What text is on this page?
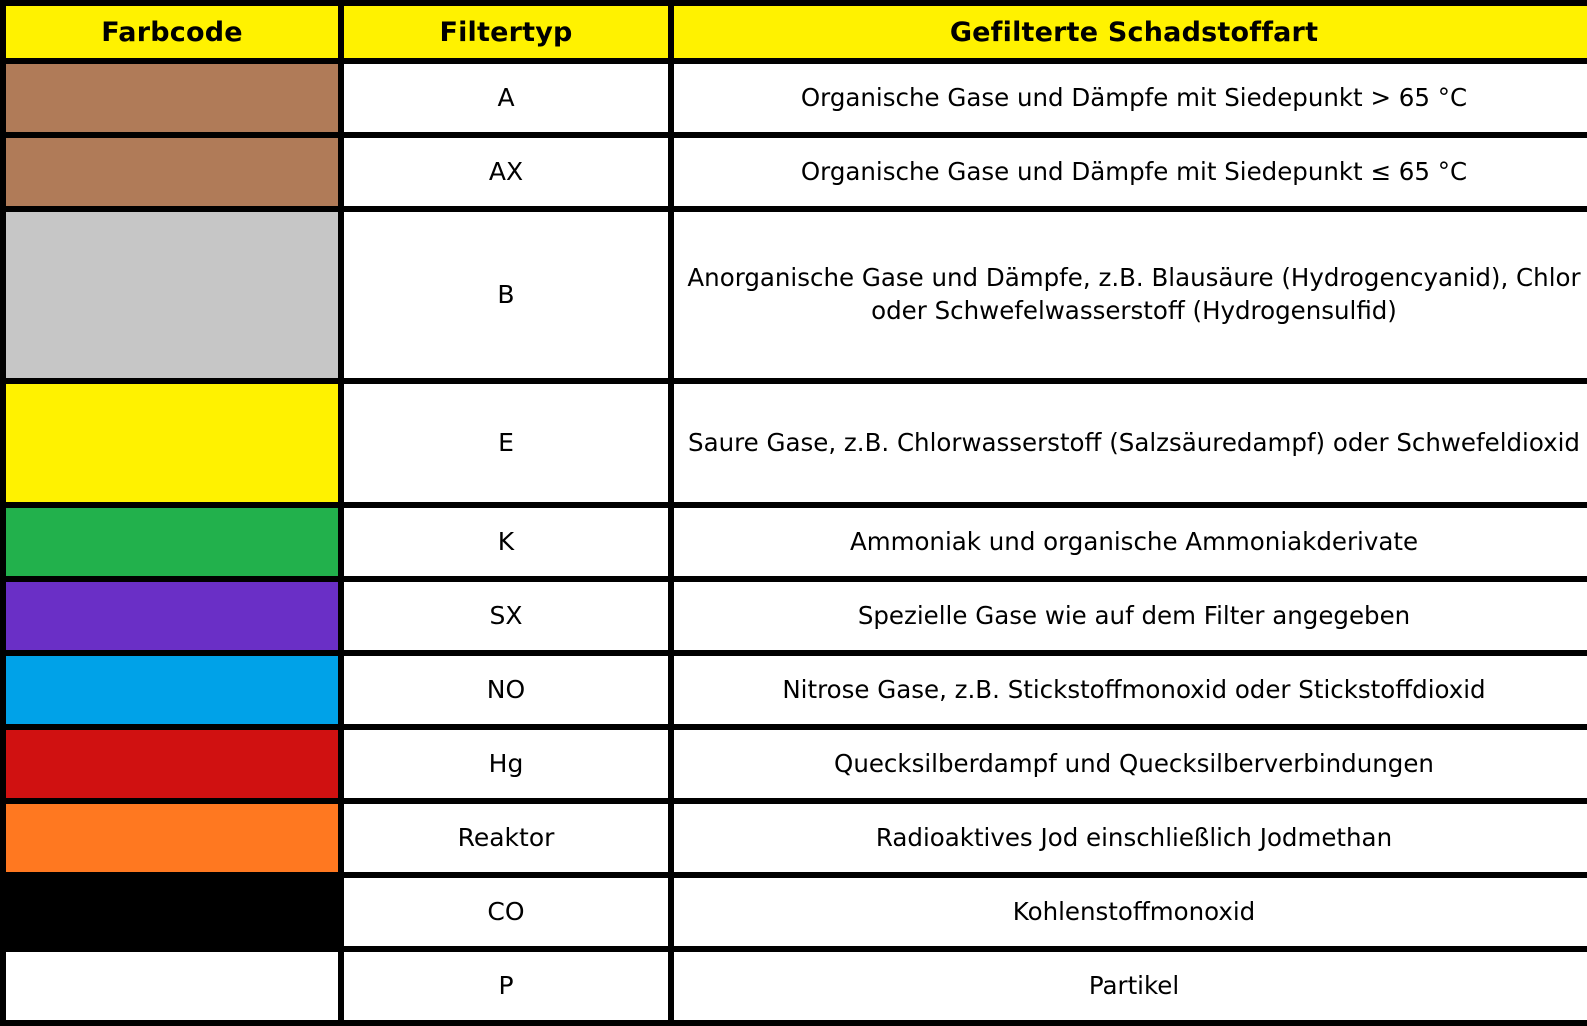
Farbcode	Filtertyp	Gefilterte Schadstoffart

	A	Organische Gase und Dämpfe mit Siedepunkt > 65 °C

	AX	Organische Gase und Dämpfe mit Siedepunkt ≤ 65 °C

	B	Anorganische Gase und Dämpfe, z.B. Blausäure (Hydrogencyanid), Chlor oder Schwefelwasserstoff (Hydrogensulfid)

	E	Saure Gase, z.B. Chlorwasserstoff (Salzsäuredampf) oder Schwefeldioxid

	K	Ammoniak und organische Ammoniakderivate

	SX	Spezielle Gase wie auf dem Filter angegeben

	NO	Nitrose Gase, z.B. Stickstoffmonoxid oder Stickstoffdioxid

	Hg	Quecksilberdampf und Quecksilberverbindungen

	Reaktor	Radioaktives Jod einschließlich Jodmethan

	CO	Kohlenstoffmonoxid

	P	Partikel
